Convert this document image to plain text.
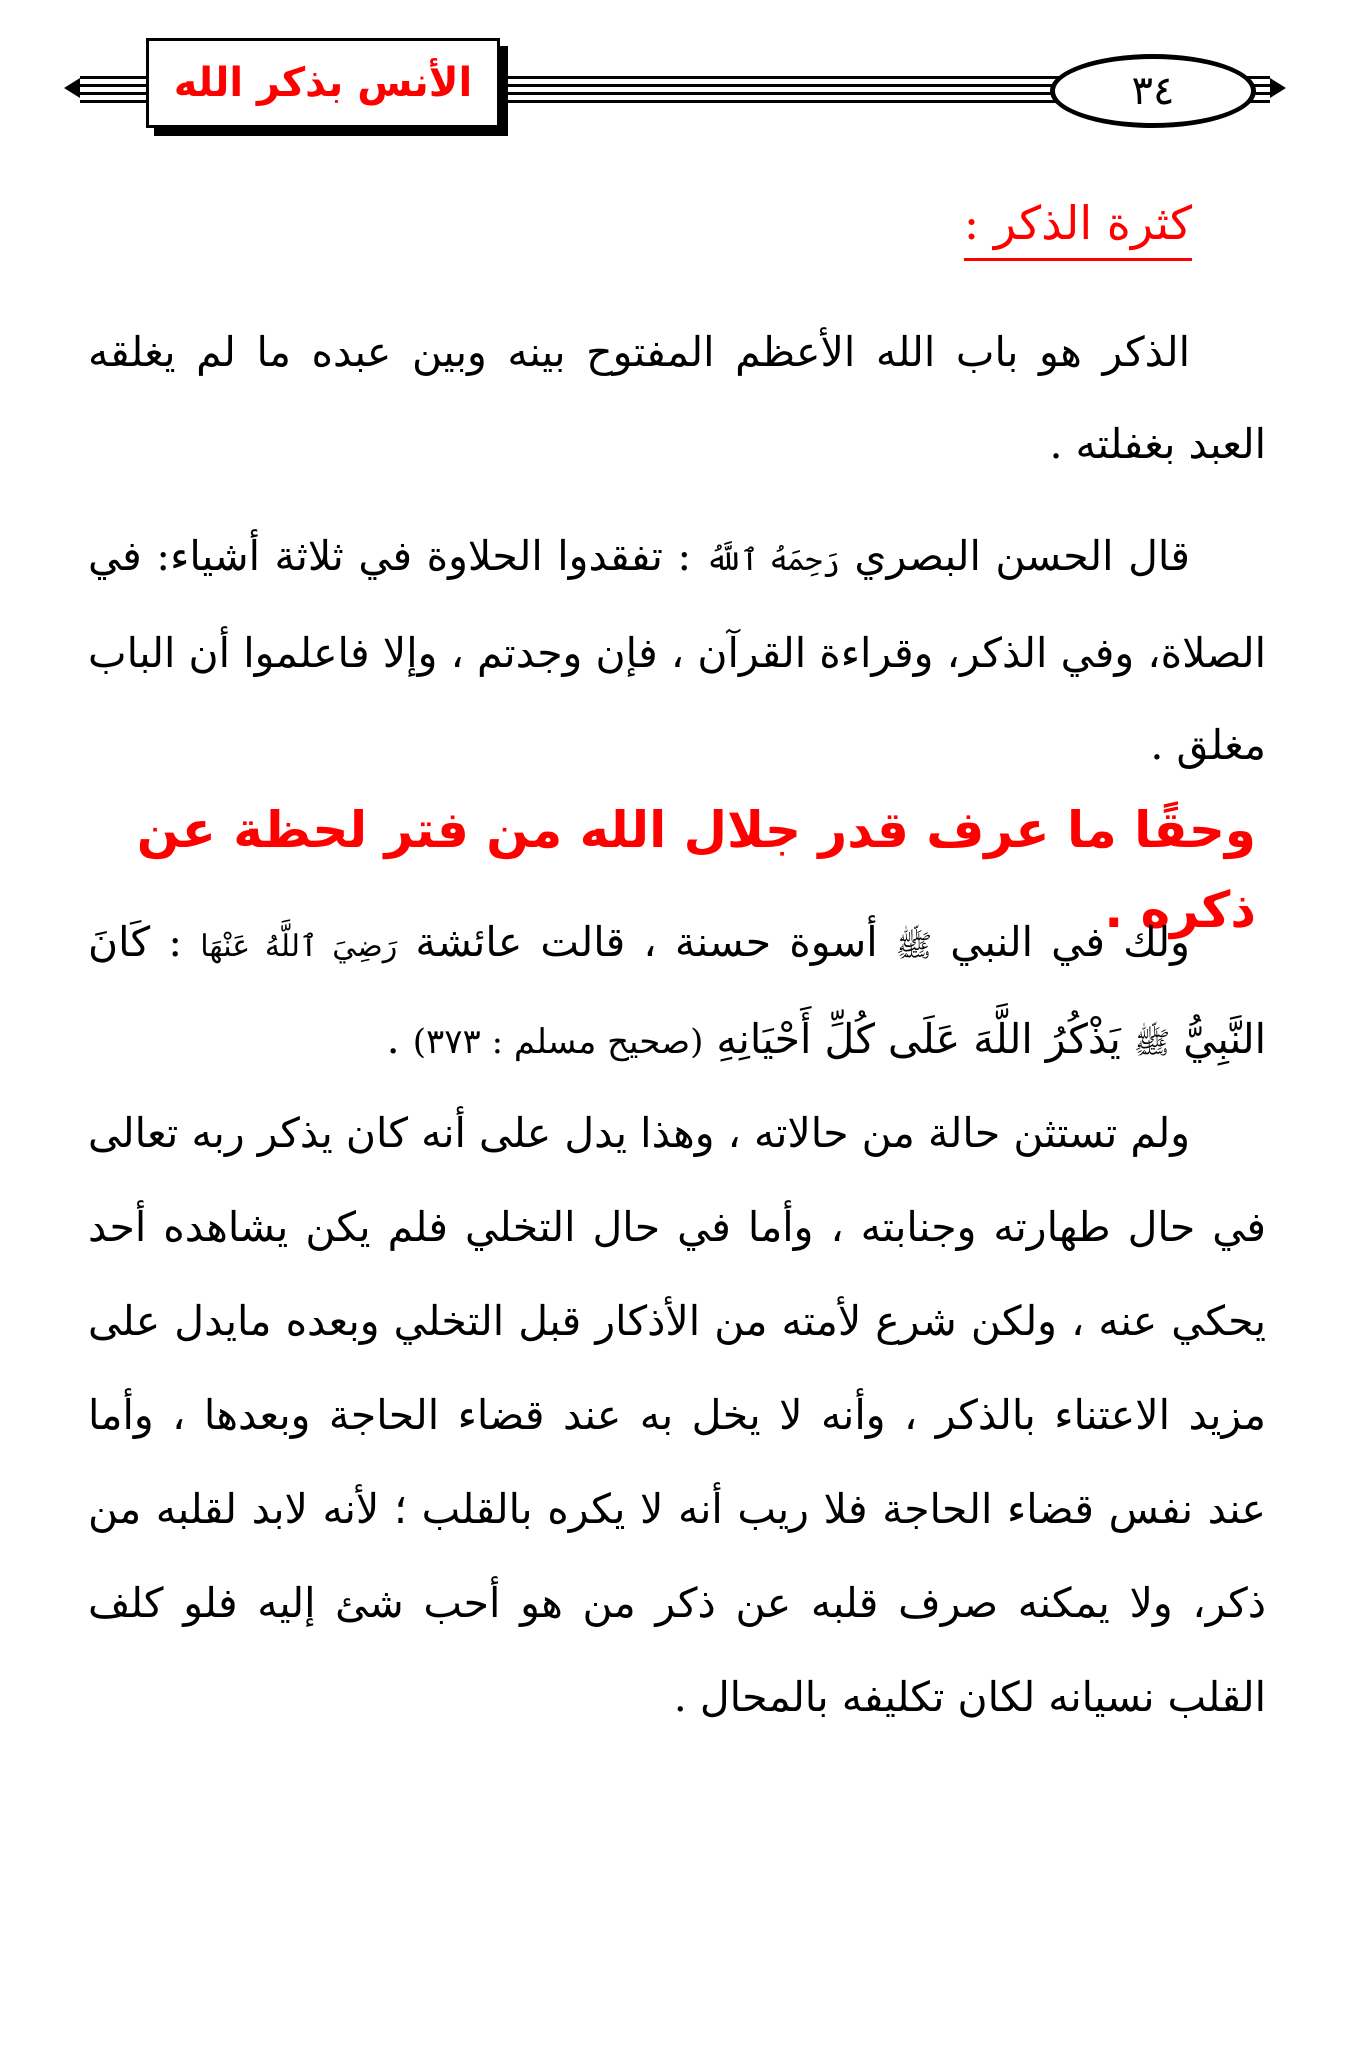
الأنس بذكر الله	٣٤
كثرة الذكر :

الذكر هو باب الله الأعظم المفتوح بينه وبين عبده ما لم يغلقه العبد بغفلته .

قال الحسن البصري رَحِمَهُ ٱللَّهُ : تفقدوا الحلاوة في ثلاثة أشياء: في الصلاة، وفي الذكر، وقراءة القرآن ، فإن وجدتم ، وإلا فاعلموا أن الباب مغلق .

وحقًا ما عرف قدر جلال الله من فتر لحظة عن ذكره .

ولك في النبي ﷺ أسوة حسنة ، قالت عائشة رَضِيَ ٱللَّهُ عَنْهَا : كَانَ النَّبِيُّ ﷺ يَذْكُرُ اللَّهَ عَلَى كُلِّ أَحْيَانِهِ (صحيح مسلم : ٣٧٣) .

ولم تستثن حالة من حالاته ، وهذا يدل على أنه كان يذكر ربه تعالى في حال طهارته وجنابته ، وأما في حال التخلي فلم يكن يشاهده أحد يحكي عنه ، ولكن شرع لأمته من الأذكار قبل التخلي وبعده مايدل على مزيد الاعتناء بالذكر ، وأنه لا يخل به عند قضاء الحاجة وبعدها ، وأما عند نفس قضاء الحاجة فلا ريب أنه لا يكره بالقلب ؛ لأنه لابد لقلبه من ذكر، ولا يمكنه صرف قلبه عن ذكر من هو أحب شئ إليه فلو كلف القلب نسيانه لكان تكليفه بالمحال .
